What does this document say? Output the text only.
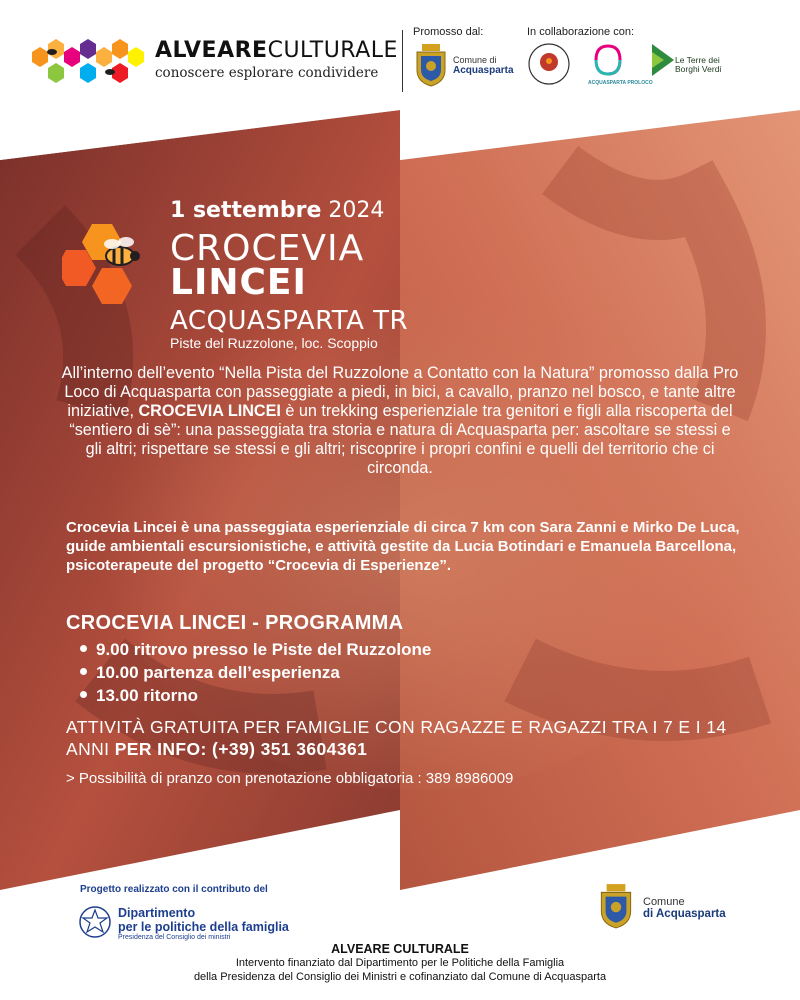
ALVEARECULTURALE
conoscere esplorare condividere
Promosso dal:	In collaborazione con:
Comune di
Acquasparta
ACQUASPARTA PROLOCO
Le Terre dei Borghi Verdi
1 settembre 2024
CROCEVIA
LINCEI
ACQUASPARTA TR
Piste del Ruzzolone, loc. Scoppio
All’interno dell’evento “Nella Pista del Ruzzolone a Contatto con la Natura” promosso dalla Pro Loco di Acquasparta con passeggiate a piedi, in bici, a cavallo, pranzo nel bosco, e tante altre iniziative, CROCEVIA LINCEI è un trekking esperienziale tra genitori e figli alla riscoperta del “sentiero di sè”: una passeggiata tra storia e natura di Acquasparta per: ascoltare se stessi e gli altri; rispettare se stessi e gli altri; riscoprire i propri confini e quelli del territorio che ci circonda.
Crocevia Lincei è una passeggiata esperienziale di circa 7 km con Sara Zanni e Mirko De Luca, guide ambientali escursionistiche, e attività gestite da Lucia Botindari e Emanuela Barcellona, psicoterapeute del progetto “Crocevia di Esperienze”.
CROCEVIA LINCEI - PROGRAMMA
9.00 ritrovo presso le Piste del Ruzzolone
10.00 partenza dell’esperienza
13.00 ritorno
ATTIVITÀ GRATUITA PER FAMIGLIE CON RAGAZZE E RAGAZZI TRA I 7 E I 14 ANNI PER INFO: (+39) 351 3604361
> Possibilità di pranzo con prenotazione obbligatoria : 389 8986009
Progetto realizzato con il contributo del
Dipartimento
per le politiche della famiglia
Presidenza del Consiglio dei ministri
Comune
di Acquasparta
ALVEARE CULTURALE
Intervento finanziato dal Dipartimento per le Politiche della Famiglia
della Presidenza del Consiglio dei Ministri e cofinanziato dal Comune di Acquasparta
